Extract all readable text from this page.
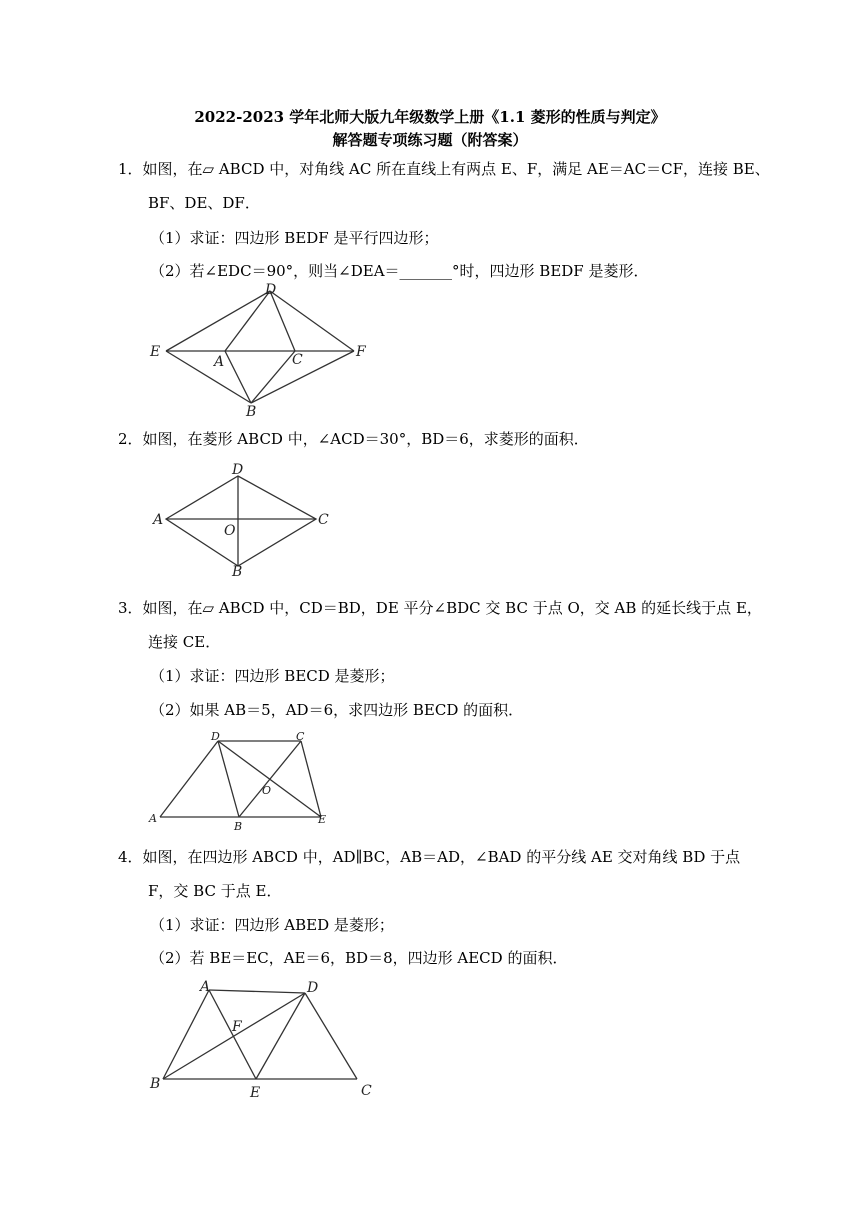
2022-2023 学年北师大版九年级数学上册《1.1 菱形的性质与判定》
解答题专项练习题（附答案）
1．如图，在▱ ABCD 中，对角线 AC 所在直线上有两点 E、F，满足 AE＝AC＝CF，连接 BE、
BF、DE、DF．
（1）求证：四边形 BEDF 是平行四边形；
（2）若∠EDC＝90°，则当∠DEA＝_______°时，四边形 BEDF 是菱形．
D
E
A	C	F
B
2．如图，在菱形 ABCD 中，∠ACD＝30°，BD＝6，求菱形的面积．
D
A
O
C
B
3．如图，在▱ ABCD 中，CD＝BD，DE 平分∠BDC 交 BC 于点 O，交 AB 的延长线于点 E，
连接 CE．
（1）求证：四边形 BECD 是菱形；
（2）如果 AB＝5，AD＝6，求四边形 BECD 的面积．
D	C
O
A
B
E
4．如图，在四边形 ABCD 中，AD∥BC，AB＝AD，∠BAD 的平分线 AE 交对角线 BD 于点
F，交 BC 于点 E．
（1）求证：四边形 ABED 是菱形；
（2）若 BE＝EC，AE＝6，BD＝8，四边形 AECD 的面积．
A	D
F
B
E	C
